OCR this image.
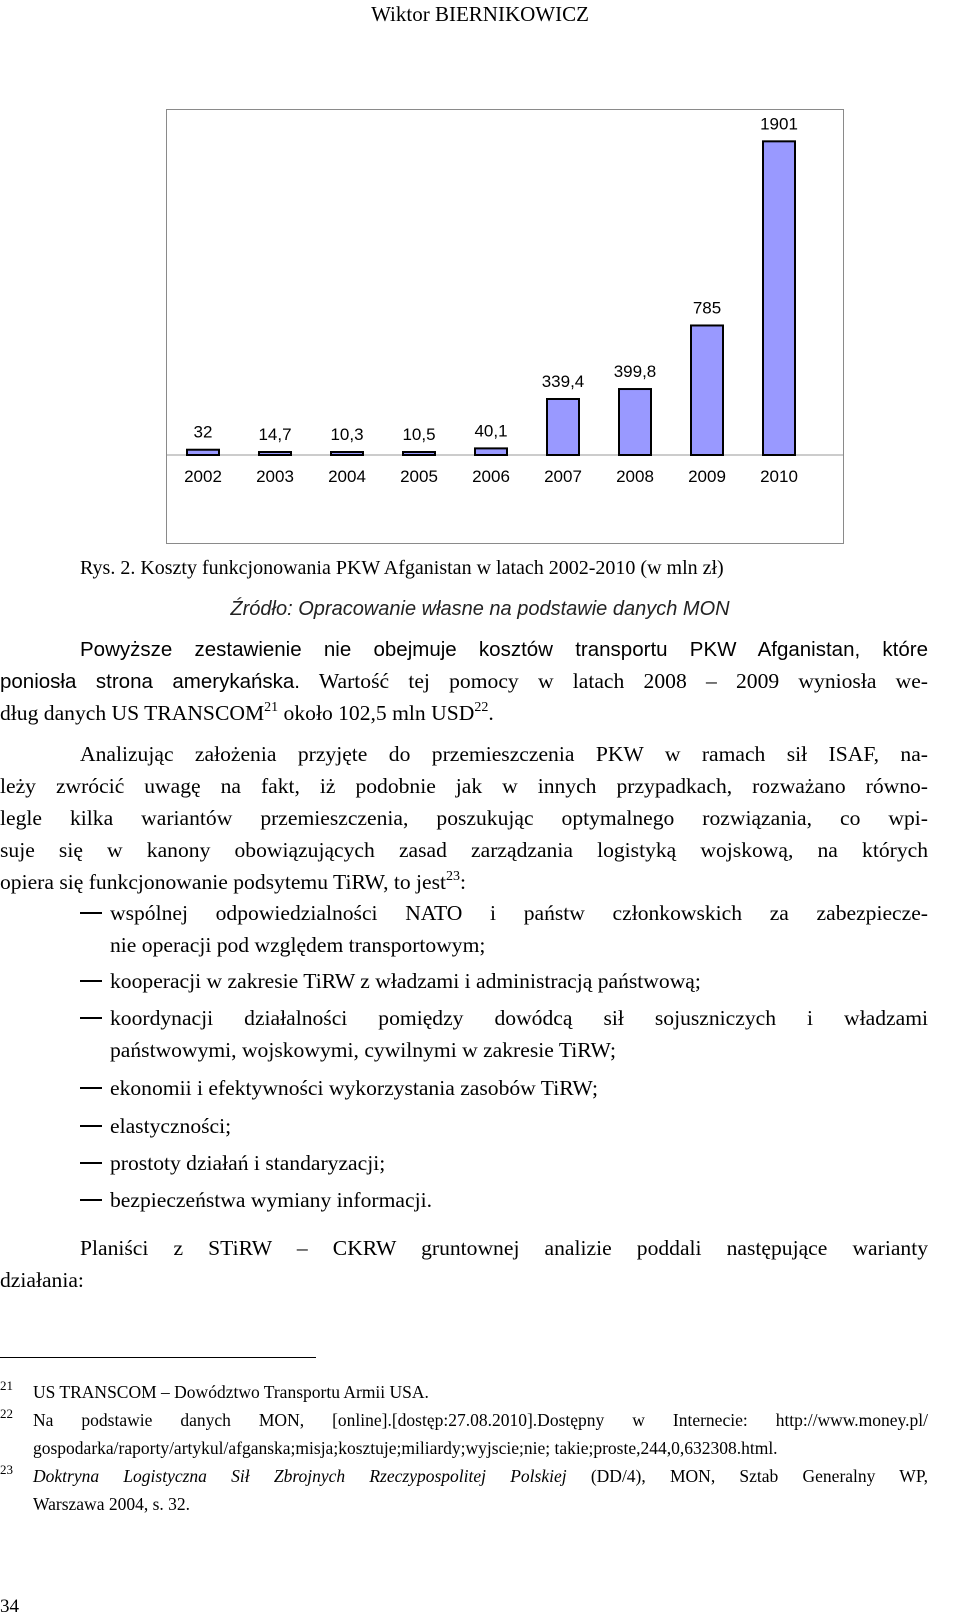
Wiktor BIERNIKOWICZ
32
2002
14,7
2003
10,3
2004
10,5
2005
40,1
2006
339,4
2007
399,8
2008
785
2009
1901
2010
Rys. 2. Koszty funkcjonowania PKW Afganistan w latach 2002-2010 (w mln zł)
Źródło: Opracowanie własne na podstawie danych MON
Powyższe zestawienie nie obejmuje kosztów transportu PKW Afganistan, które
poniosła strona amerykańska. Wartość tej pomocy w latach 2008 – 2009 wyniosła we-
dług danych US TRANSCOM$^{21}$ około 102,5 mln USD$^{22}$.
Analizując założenia przyjęte do przemieszczenia PKW w ramach sił ISAF, na-
leży zwrócić uwagę na fakt, iż podobnie jak w innych przypadkach, rozważano równo-
legle kilka wariantów przemieszczenia, poszukując optymalnego rozwiązania, co wpi-
suje się w kanony obowiązujących zasad zarządzania logistyką wojskową, na których
opiera się funkcjonowanie podsytemu TiRW, to jest$^{23}$:
wspólnej odpowiedzialności NATO i państw członkowskich za zabezpiecze-
nie operacji pod względem transportowym;
kooperacji w zakresie TiRW z władzami i administracją państwową;
koordynacji działalności pomiędzy dowódcą sił sojuszniczych i władzami
państwowymi, wojskowymi, cywilnymi w zakresie TiRW;
ekonomii i efektywności wykorzystania zasobów TiRW;
elastyczności;
prostoty działań i standaryzacji;
bezpieczeństwa wymiany informacji.
Planiści z STiRW – CKRW gruntownej analizie poddali następujące warianty
działania:
21 US TRANSCOM – Dowództwo Transportu Armii USA.
22 Na podstawie danych MON, [online].[dostęp:27.08.2010].Dostępny w Internecie: http://www.money.pl/
gospodarka/raporty/artykul/afganska;misja;kosztuje;miliardy;wyjscie;nie; takie;proste,244,0,632308.html.
23 Doktryna Logistyczna Sił Zbrojnych Rzeczypospolitej Polskiej (DD/4), MON, Sztab Generalny WP,
Warszawa 2004, s. 32.
34
